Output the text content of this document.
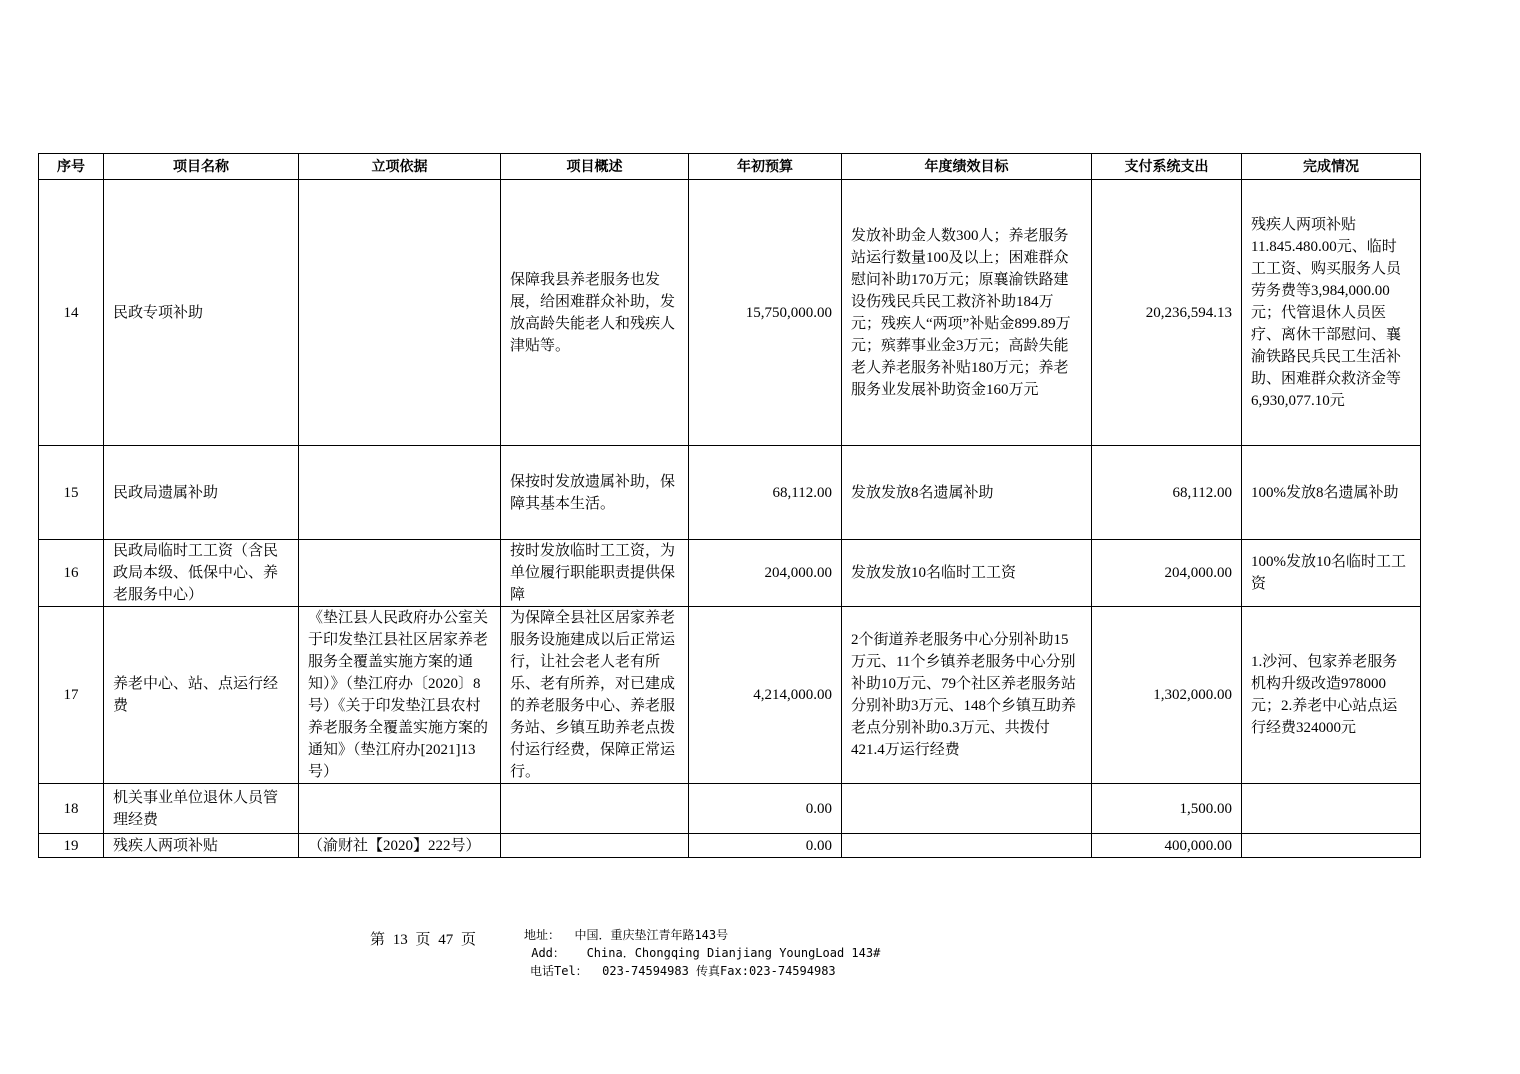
序号	项目名称	立项依据	项目概述	年初预算	年度绩效目标	支付系统支出	完成情况
14	民政专项补助		保障我县养老服务也发展，给困难群众补助，发放高龄失能老人和残疾人津贴等。	15,750,000.00	发放补助金人数300人；养老服务站运行数量100及以上；困难群众慰问补助170万元；原襄渝铁路建设伤残民兵民工救济补助184万元；残疾人“两项”补贴金899.89万元；殡葬事业金3万元；高龄失能老人养老服务补贴180万元；养老服务业发展补助资金160万元	20,236,594.13	残疾人两项补贴11.845.480.00元、临时工工资、购买服务人员劳务费等3,984,000.00元；代管退休人员医疗、离休干部慰问、襄渝铁路民兵民工生活补助、困难群众救济金等6,930,077.10元
15	民政局遗属补助		保按时发放遗属补助，保障其基本生活。	68,112.00	发放发放8名遗属补助	68,112.00	100%发放8名遗属补助
16	民政局临时工工资（含民政局本级、低保中心、养老服务中心）		按时发放临时工工资，为单位履行职能职责提供保障	204,000.00	发放发放10名临时工工资	204,000.00	100%发放10名临时工工资
17	养老中心、站、点运行经费	《垫江县人民政府办公室关于印发垫江县社区居家养老服务全覆盖实施方案的通知）》（垫江府办〔2020〕8号）《关于印发垫江县农村养老服务全覆盖实施方案的通知》（垫江府办[2021]13号）	为保障全县社区居家养老服务设施建成以后正常运行，让社会老人老有所乐、老有所养，对已建成的养老服务中心、养老服务站、乡镇互助养老点拨付运行经费，保障正常运行。	4,214,000.00	2个街道养老服务中心分别补助15万元、11个乡镇养老服务中心分别补助10万元、79个社区养老服务站分别补助3万元、148个乡镇互助养老点分别补助0.3万元、共拨付421.4万运行经费	1,302,000.00	1.沙河、包家养老服务机构升级改造978000元；2.养老中心站点运行经费324000元
18	机关事业单位退休人员管理经费			0.00		1,500.00	
19	残疾人两项补贴	（渝财社【2020】222号）		0.00		400,000.00	
第 13 页 47 页	地址：  中国．重庆垫江青年路143号
Add：   China．Chongqing Dianjiang YoungLoad 143#
电话Tel：  023-74594983 传真Fax:023-74594983
